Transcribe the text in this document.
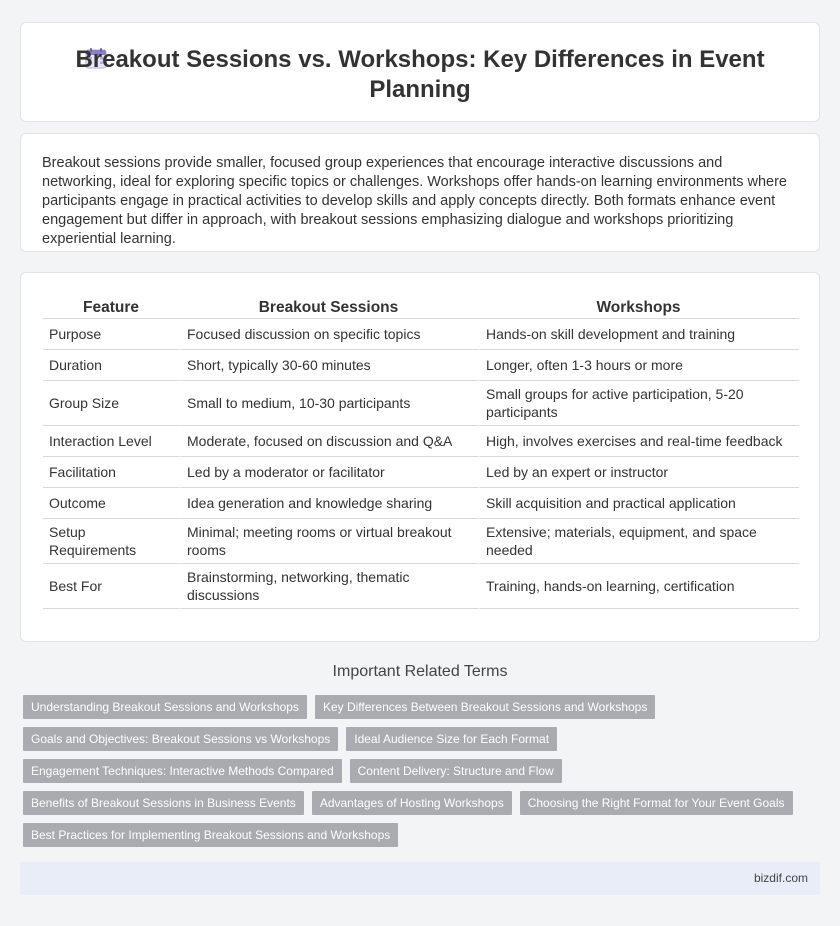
Breakout Sessions vs. Workshops: Key Differences in Event Planning

Breakout sessions provide smaller, focused group experiences that encourage interactive discussions and networking, ideal for exploring specific topics or challenges. Workshops offer hands-on learning environments where participants engage in practical activities to develop skills and apply concepts directly. Both formats enhance event engagement but differ in approach, with breakout sessions emphasizing dialogue and workshops prioritizing experiential learning.

Feature	Breakout Sessions	Workshops
Purpose	Focused discussion on specific topics	Hands-on skill development and training
Duration	Short, typically 30-60 minutes	Longer, often 1-3 hours or more
Group Size	Small to medium, 10-30 participants	Small groups for active participation, 5-20 participants
Interaction Level	Moderate, focused on discussion and Q&A	High, involves exercises and real-time feedback
Facilitation	Led by a moderator or facilitator	Led by an expert or instructor
Outcome	Idea generation and knowledge sharing	Skill acquisition and practical application
Setup Requirements	Minimal; meeting rooms or virtual breakout rooms	Extensive; materials, equipment, and space needed
Best For	Brainstorming, networking, thematic discussions	Training, hands-on learning, certification
Important Related Terms
Understanding Breakout Sessions and Workshops	Key Differences Between Breakout Sessions and Workshops
Goals and Objectives: Breakout Sessions vs Workshops	Ideal Audience Size for Each Format
Engagement Techniques: Interactive Methods Compared	Content Delivery: Structure and Flow
Benefits of Breakout Sessions in Business Events	Advantages of Hosting Workshops	Choosing the Right Format for Your Event Goals
Best Practices for Implementing Breakout Sessions and Workshops
bizdif.com
